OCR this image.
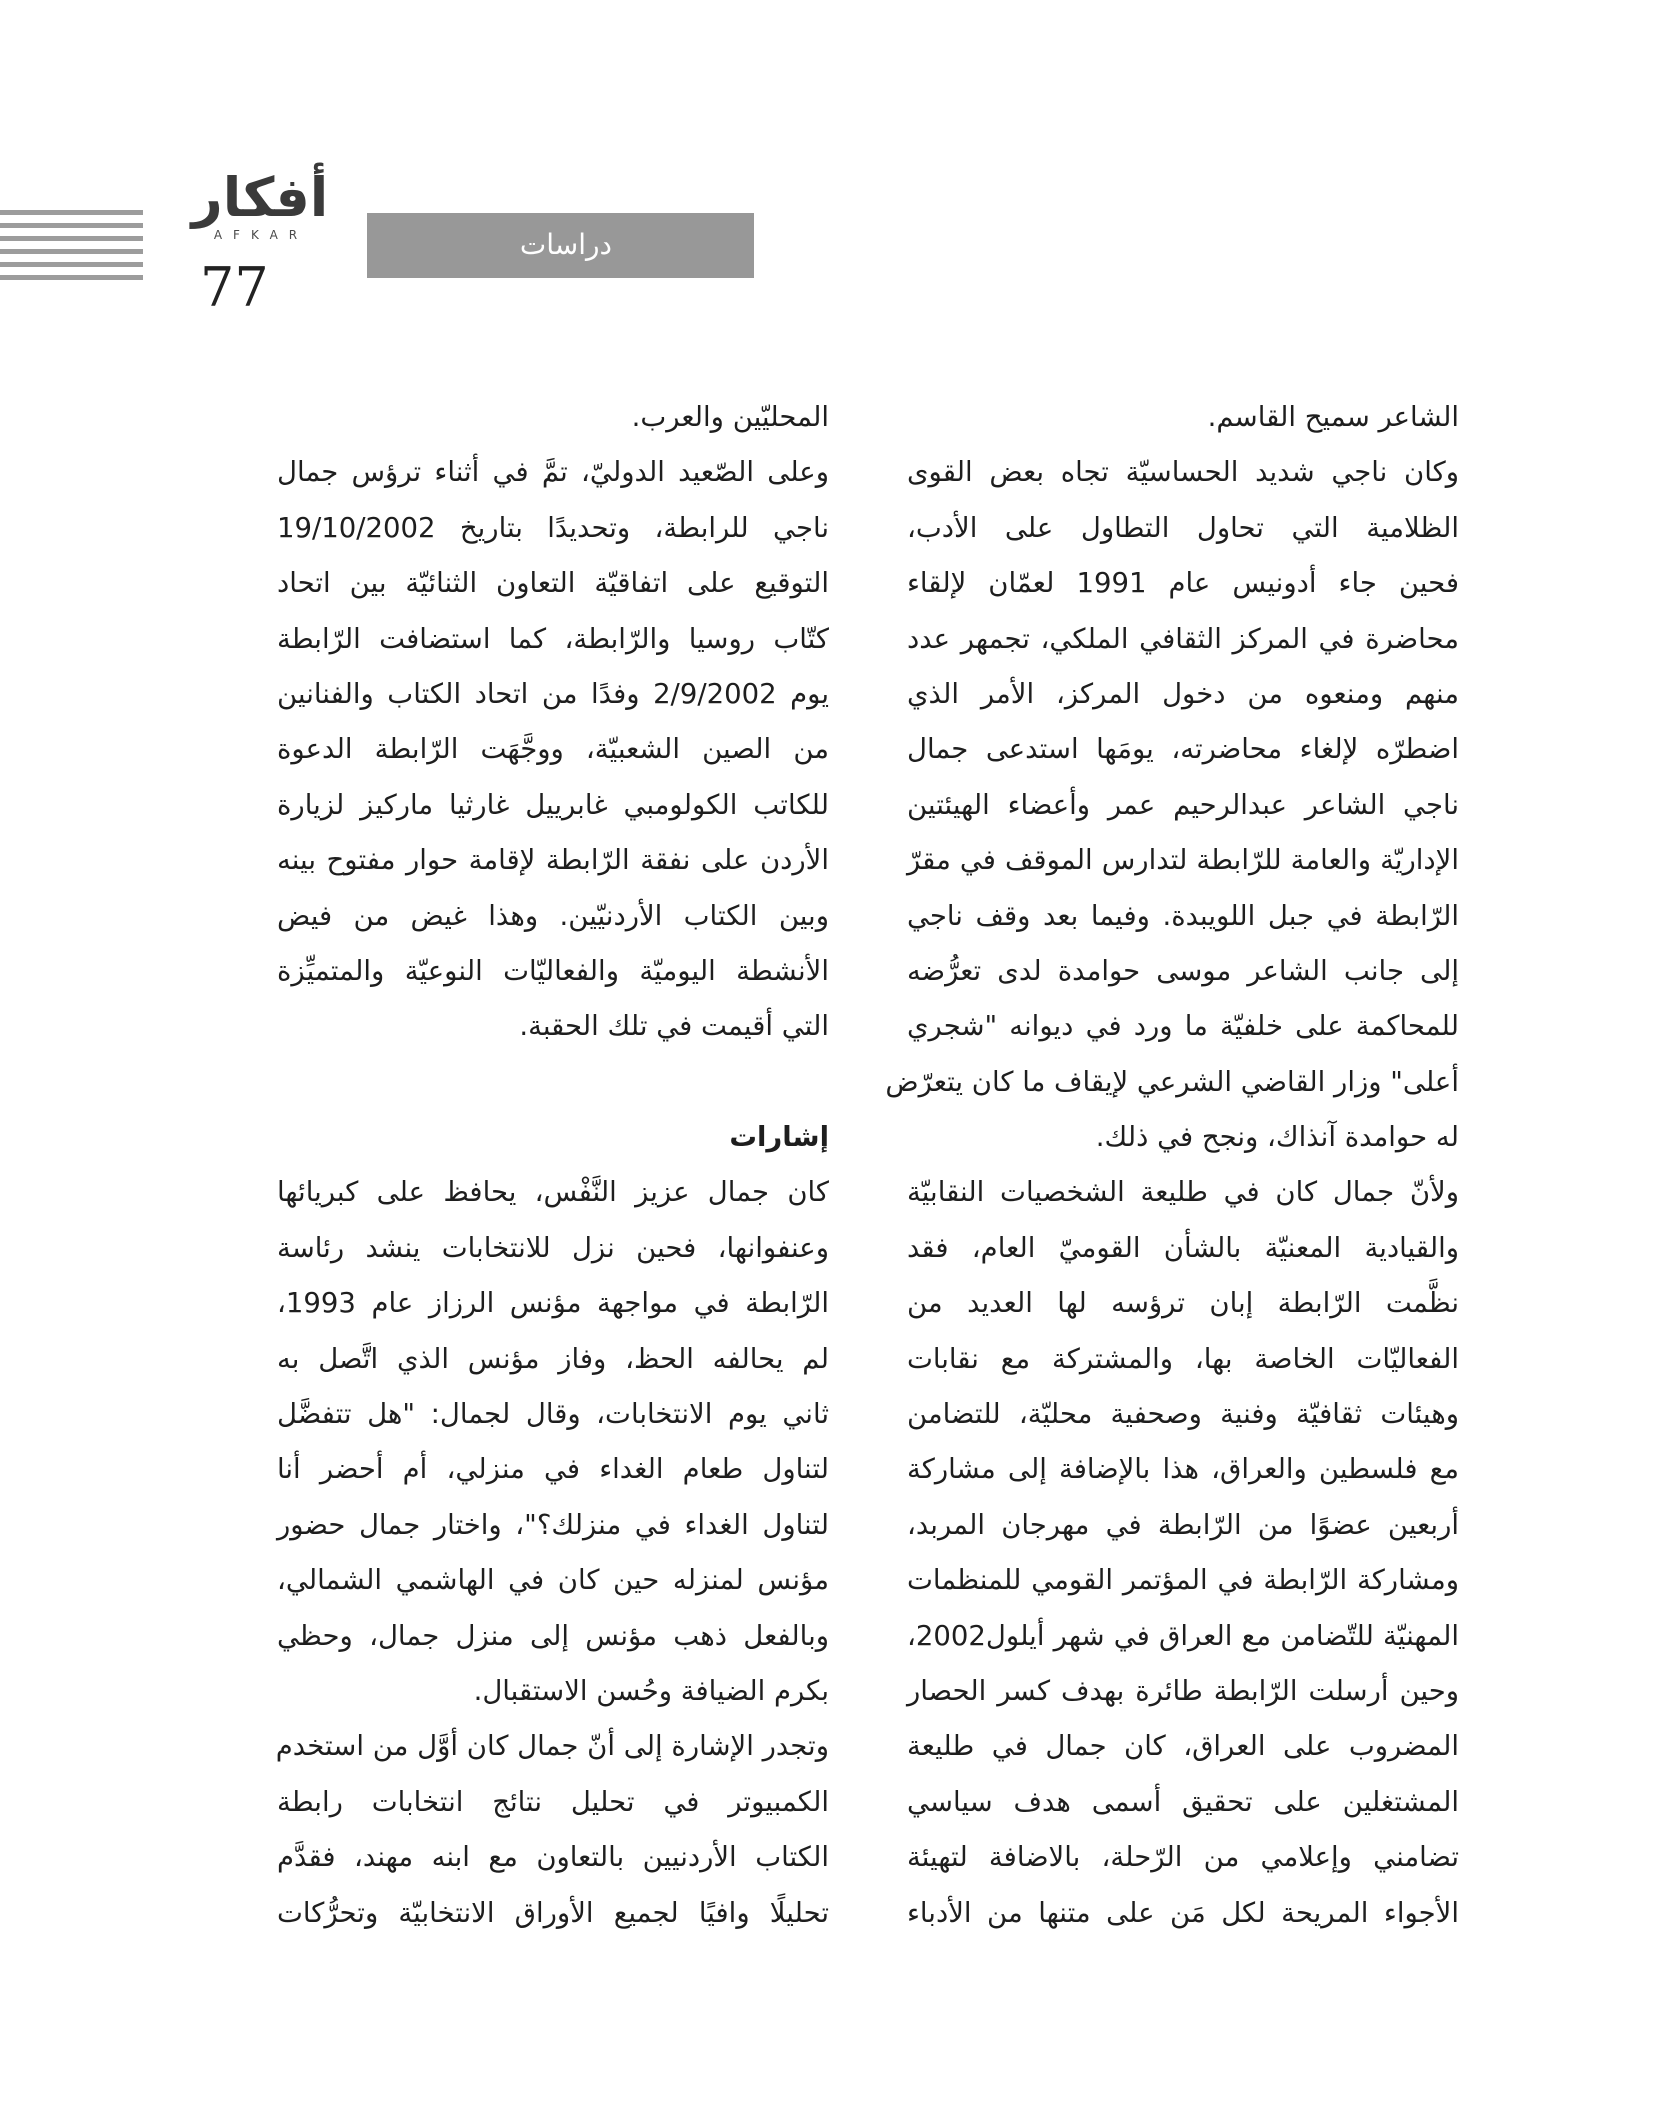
أفكار
AFKAR
77
دراسات

الشاعر سميح القاسم.

وكان ناجي شديد الحساسيّة تجاه بعض القوى

الظلامية التي تحاول التطاول على الأدب،

فحين جاء أدونيس عام 1991 لعمّان لإلقاء

محاضرة في المركز الثقافي الملكي، تجمهر عدد

منهم ومنعوه من دخول المركز، الأمر الذي

اضطرّه لإلغاء محاضرته، يومَها استدعى جمال

ناجي الشاعر عبدالرحيم عمر وأعضاء الهيئتين

الإداريّة والعامة للرّابطة لتدارس الموقف في مقرّ

الرّابطة في جبل اللويبدة. وفيما بعد وقف ناجي

إلى جانب الشاعر موسى حوامدة لدى تعرُّضه

للمحاكمة على خلفيّة ما ورد في ديوانه "شجري

أعلى" وزار القاضي الشرعي لإيقاف ما كان يتعرّض

له حوامدة آنذاك، ونجح في ذلك.

ولأنّ جمال كان في طليعة الشخصيات النقابيّة

والقيادية المعنيّة بالشأن القوميّ العام، فقد

نظَّمت الرّابطة إبان ترؤسه لها العديد من

الفعاليّات الخاصة بها، والمشتركة مع نقابات

وهيئات ثقافيّة وفنية وصحفية محليّة، للتضامن

مع فلسطين والعراق، هذا بالإضافة إلى مشاركة

أربعين عضوًا من الرّابطة في مهرجان المربد،

ومشاركة الرّابطة في المؤتمر القومي للمنظمات

المهنيّة للتّضامن مع العراق في شهر أيلول2002،

وحين أرسلت الرّابطة طائرة بهدف كسر الحصار

المضروب على العراق، كان جمال في طليعة

المشتغلين على تحقيق أسمى هدف سياسي

تضامني وإعلامي من الرّحلة، بالاضافة لتهيئة

الأجواء المريحة لكل مَن على متنها من الأدباء

المحليّين والعرب.

وعلى الصّعيد الدوليّ، تمَّ في أثناء ترؤس جمال

ناجي للرابطة، وتحديدًا بتاريخ 19/10/2002

التوقيع على اتفاقيّة التعاون الثنائيّة بين اتحاد

كتّاب روسيا والرّابطة، كما استضافت الرّابطة

يوم 2/9/2002 وفدًا من اتحاد الكتاب والفنانين

من الصين الشعبيّة، ووجَّهَت الرّابطة الدعوة

للكاتب الكولومبي غابرييل غارثيا ماركيز لزيارة

الأردن على نفقة الرّابطة لإقامة حوار مفتوح بينه

وبين الكتاب الأردنيّين. وهذا غيض من فيض

الأنشطة اليوميّة والفعاليّات النوعيّة والمتميِّزة

التي أقيمت في تلك الحقبة.

إشارات

كان جمال عزيز النَّفْس، يحافظ على كبريائها

وعنفوانها، فحين نزل للانتخابات ينشد رئاسة

الرّابطة في مواجهة مؤنس الرزاز عام 1993،

لم يحالفه الحظ، وفاز مؤنس الذي اتَّصل به

ثاني يوم الانتخابات، وقال لجمال: "هل تتفضَّل

لتناول طعام الغداء في منزلي، أم أحضر أنا

لتناول الغداء في منزلك؟"، واختار جمال حضور

مؤنس لمنزله حين كان في الهاشمي الشمالي،

وبالفعل ذهب مؤنس إلى منزل جمال، وحظي

بكرم الضيافة وحُسن الاستقبال.

وتجدر الإشارة إلى أنّ جمال كان أوَّل من استخدم

الكمبيوتر في تحليل نتائج انتخابات رابطة

الكتاب الأردنيين بالتعاون مع ابنه مهند، فقدَّم

تحليلًا وافيًا لجميع الأوراق الانتخابيّة وتحرُّكات
